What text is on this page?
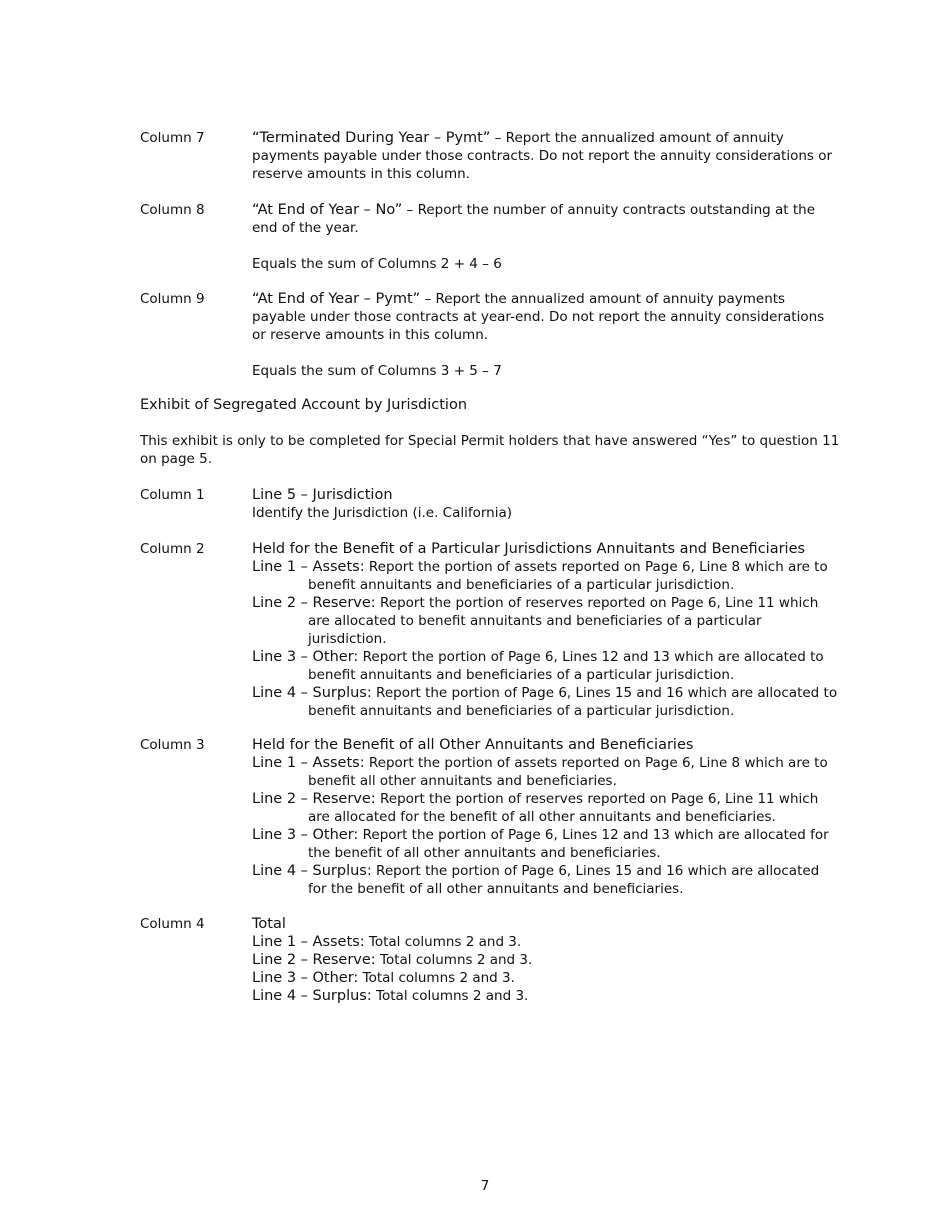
Column 7	“Terminated During Year – Pymt” – Report the annualized amount of annuity payments payable under those contracts. Do not report the annuity considerations or reserve amounts in this column.

Column 8	“At End of Year – No” – Report the number of annuity contracts outstanding at the end of the year.

Equals the sum of Columns 2 + 4 – 6

Column 9	“At End of Year – Pymt” – Report the annualized amount of annuity payments payable under those contracts at year-end. Do not report the annuity considerations or reserve amounts in this column.

Equals the sum of Columns 3 + 5 – 7

Exhibit of Segregated Account by Jurisdiction

This exhibit is only to be completed for Special Permit holders that have answered “Yes” to question 11 on page 5.

Column 1	Line 5 – Jurisdiction
Identify the Jurisdiction (i.e. California)
Column 2	Held for the Benefit of a Particular Jurisdictions Annuitants and Beneficiaries
Line 1 – Assets: Report the portion of assets reported on Page 6, Line 8 which are to benefit annuitants and beneficiaries of a particular jurisdiction.
Line 2 – Reserve: Report the portion of reserves reported on Page 6, Line 11 which are allocated to benefit annuitants and beneficiaries of a particular jurisdiction.
Line 3 – Other: Report the portion of Page 6, Lines 12 and 13 which are allocated to benefit annuitants and beneficiaries of a particular jurisdiction.
Line 4 – Surplus: Report the portion of Page 6, Lines 15 and 16 which are allocated to benefit annuitants and beneficiaries of a particular jurisdiction.
Column 3	Held for the Benefit of all Other Annuitants and Beneficiaries
Line 1 – Assets: Report the portion of assets reported on Page 6, Line 8 which are to benefit all other annuitants and beneficiaries.
Line 2 – Reserve: Report the portion of reserves reported on Page 6, Line 11 which are allocated for the benefit of all other annuitants and beneficiaries.
Line 3 – Other: Report the portion of Page 6, Lines 12 and 13 which are allocated for the benefit of all other annuitants and beneficiaries.
Line 4 – Surplus: Report the portion of Page 6, Lines 15 and 16 which are allocated for the benefit of all other annuitants and beneficiaries.
Column 4	Total
Line 1 – Assets: Total columns 2 and 3.
Line 2 – Reserve: Total columns 2 and 3.
Line 3 – Other: Total columns 2 and 3.
Line 4 – Surplus: Total columns 2 and 3.
7
